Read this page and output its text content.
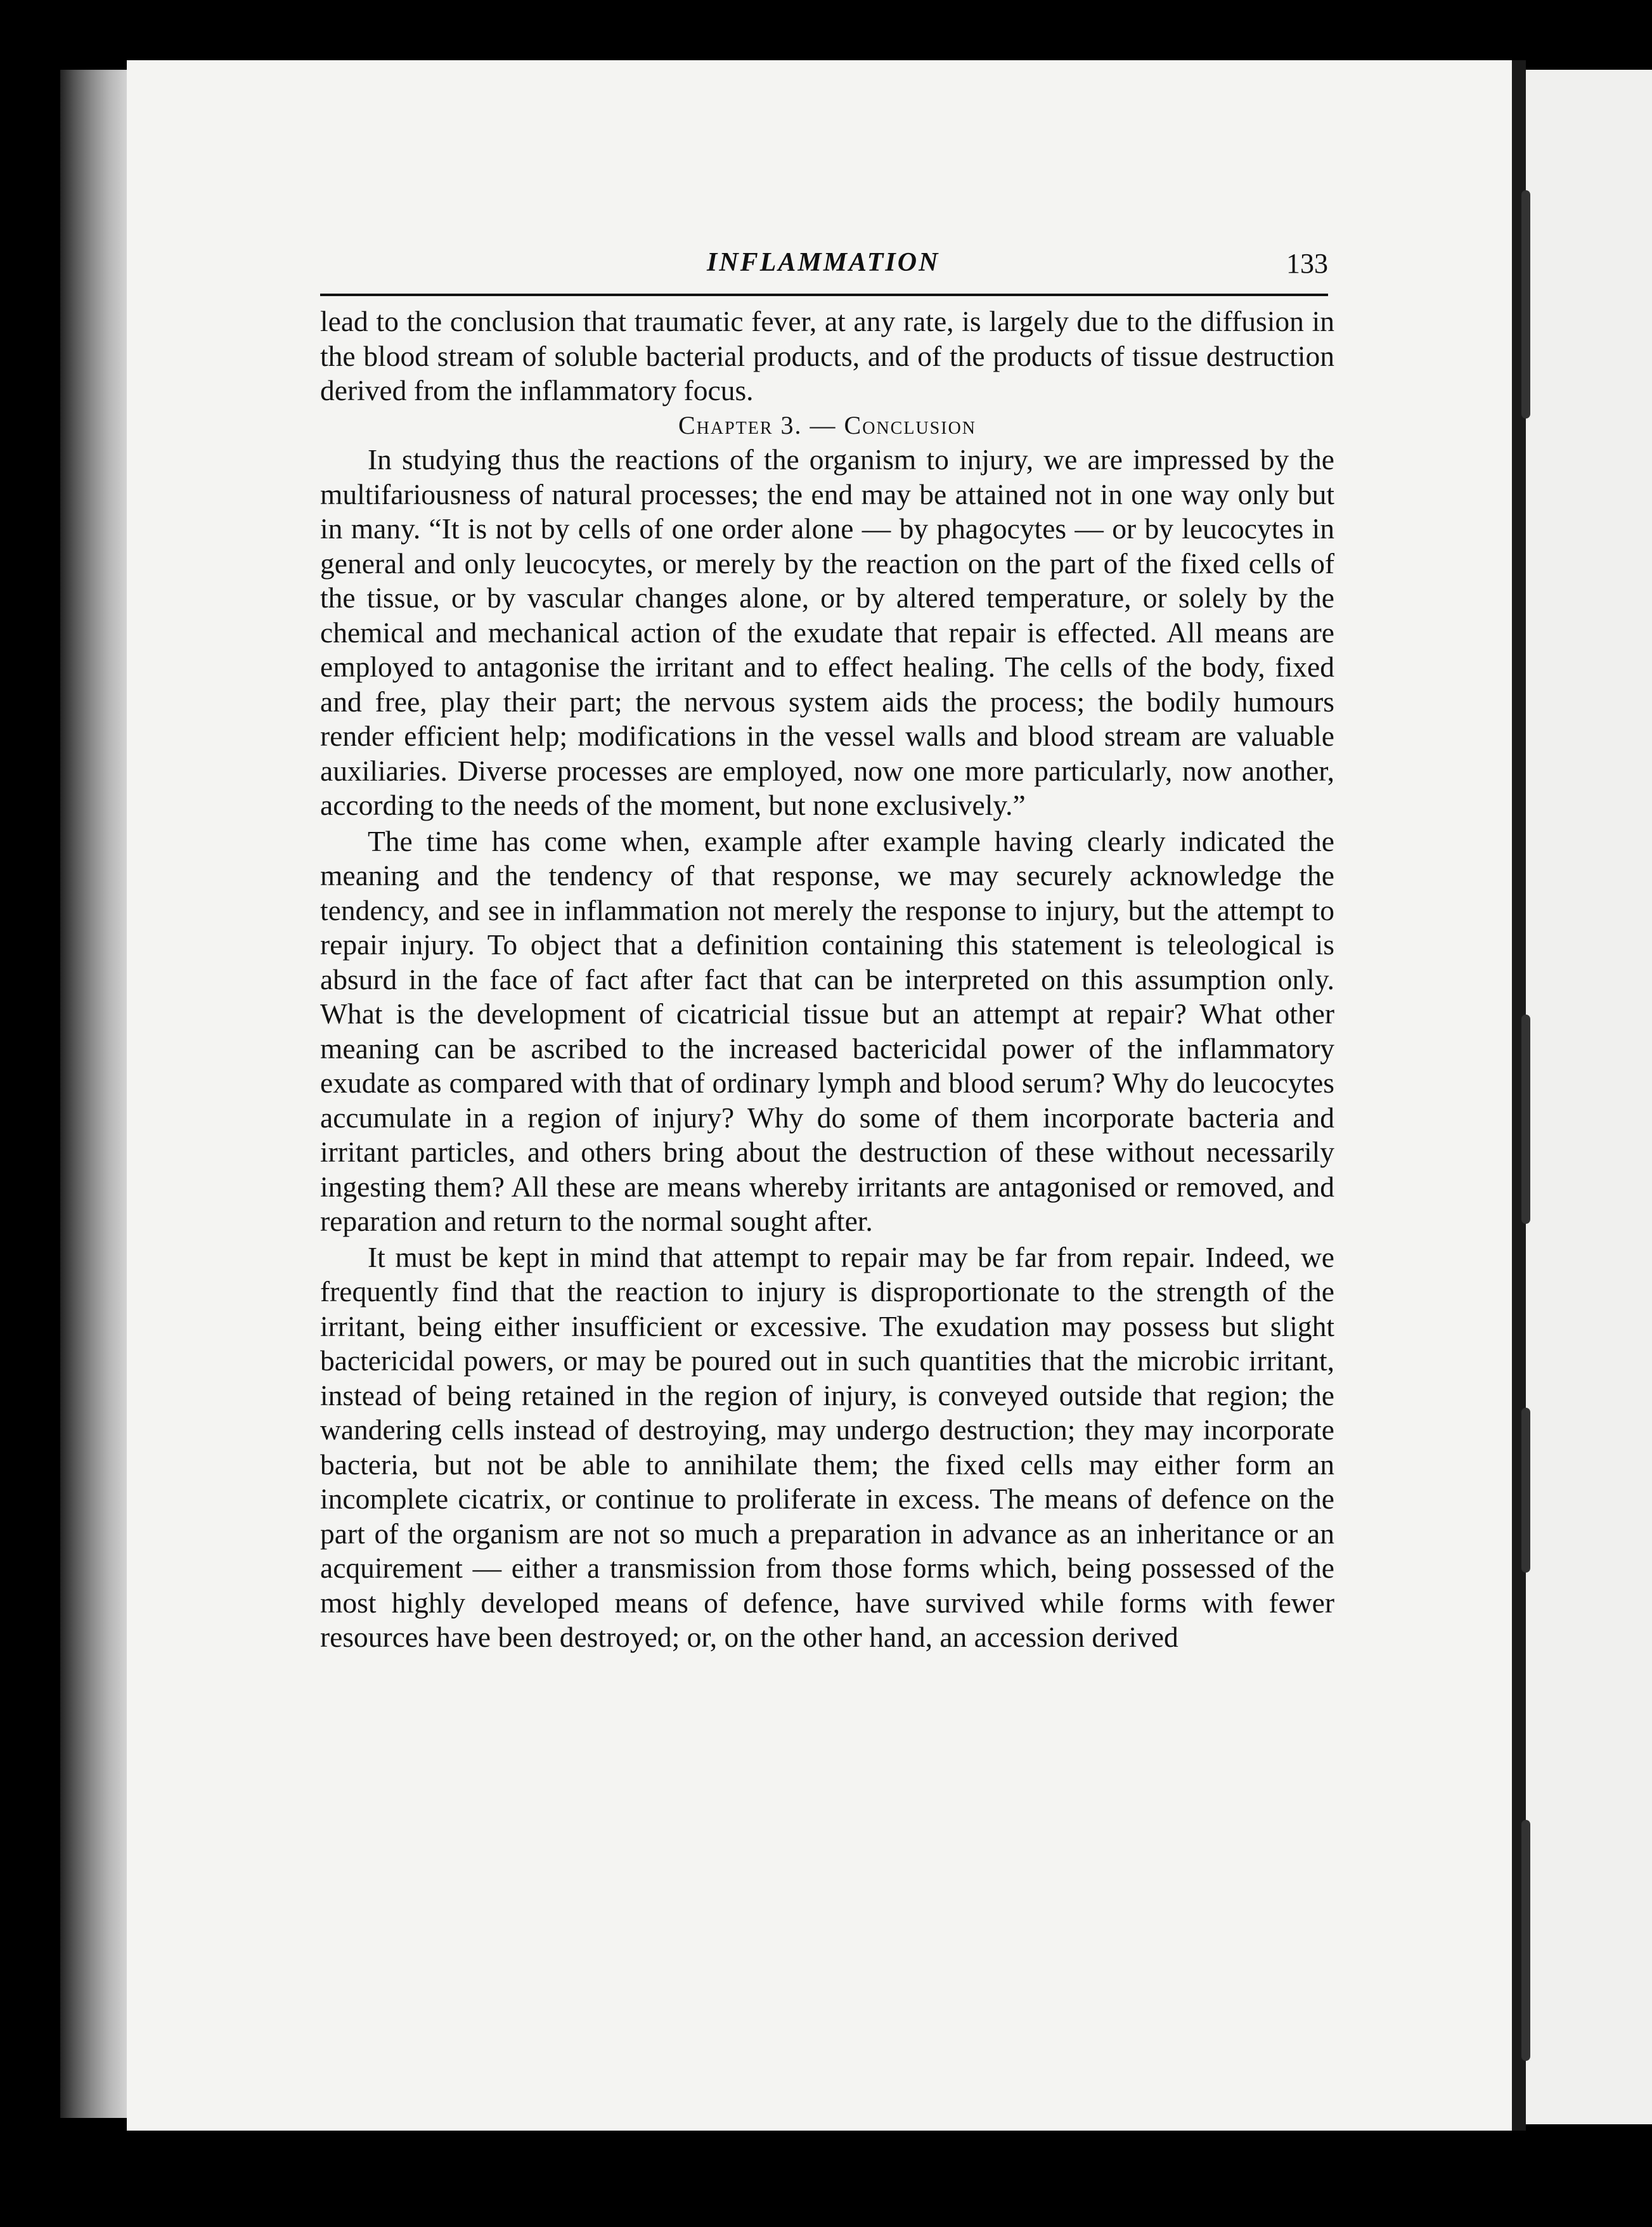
INFLAMMATION	133

lead to the conclusion that traumatic fever, at any rate, is largely due to the diffusion in the blood stream of soluble bacterial products, and of the products of tissue destruction derived from the inflammatory focus.

Chapter 3. — Conclusion

In studying thus the reactions of the organism to injury, we are impressed by the multifariousness of natural processes; the end may be attained not in one way only but in many. “It is not by cells of one order alone — by phagocytes — or by leucocytes in general and only leucocytes, or merely by the reaction on the part of the fixed cells of the tissue, or by vascular changes alone, or by altered temperature, or solely by the chemical and mechanical action of the exudate that repair is effected. All means are employed to antagonise the irritant and to effect healing. The cells of the body, fixed and free, play their part; the nervous system aids the process; the bodily humours render efficient help; modifications in the vessel walls and blood stream are valuable auxiliaries. Diverse processes are employed, now one more particularly, now another, according to the needs of the moment, but none exclusively.”

The time has come when, example after example having clearly indicated the meaning and the tendency of that response, we may securely acknowledge the tendency, and see in inflammation not merely the response to injury, but the attempt to repair injury. To object that a definition containing this statement is teleological is absurd in the face of fact after fact that can be interpreted on this assumption only. What is the development of cicatricial tissue but an attempt at repair? What other meaning can be ascribed to the increased bactericidal power of the inflammatory exudate as compared with that of ordinary lymph and blood serum? Why do leucocytes accumulate in a region of injury? Why do some of them incorporate bacteria and irritant particles, and others bring about the destruction of these without necessarily ingesting them? All these are means whereby irritants are antagonised or removed, and reparation and return to the normal sought after.

It must be kept in mind that attempt to repair may be far from repair. Indeed, we frequently find that the reaction to injury is disproportionate to the strength of the irritant, being either insufficient or excessive. The exudation may possess but slight bactericidal powers, or may be poured out in such quantities that the microbic irritant, instead of being retained in the region of injury, is conveyed outside that region; the wandering cells instead of destroying, may undergo destruction; they may incorporate bacteria, but not be able to annihilate them; the fixed cells may either form an incomplete cicatrix, or continue to proliferate in excess. The means of defence on the part of the organism are not so much a preparation in advance as an inheritance or an acquirement — either a transmission from those forms which, being possessed of the most highly developed means of defence, have survived while forms with fewer resources have been destroyed; or, on the other hand, an accession derived
